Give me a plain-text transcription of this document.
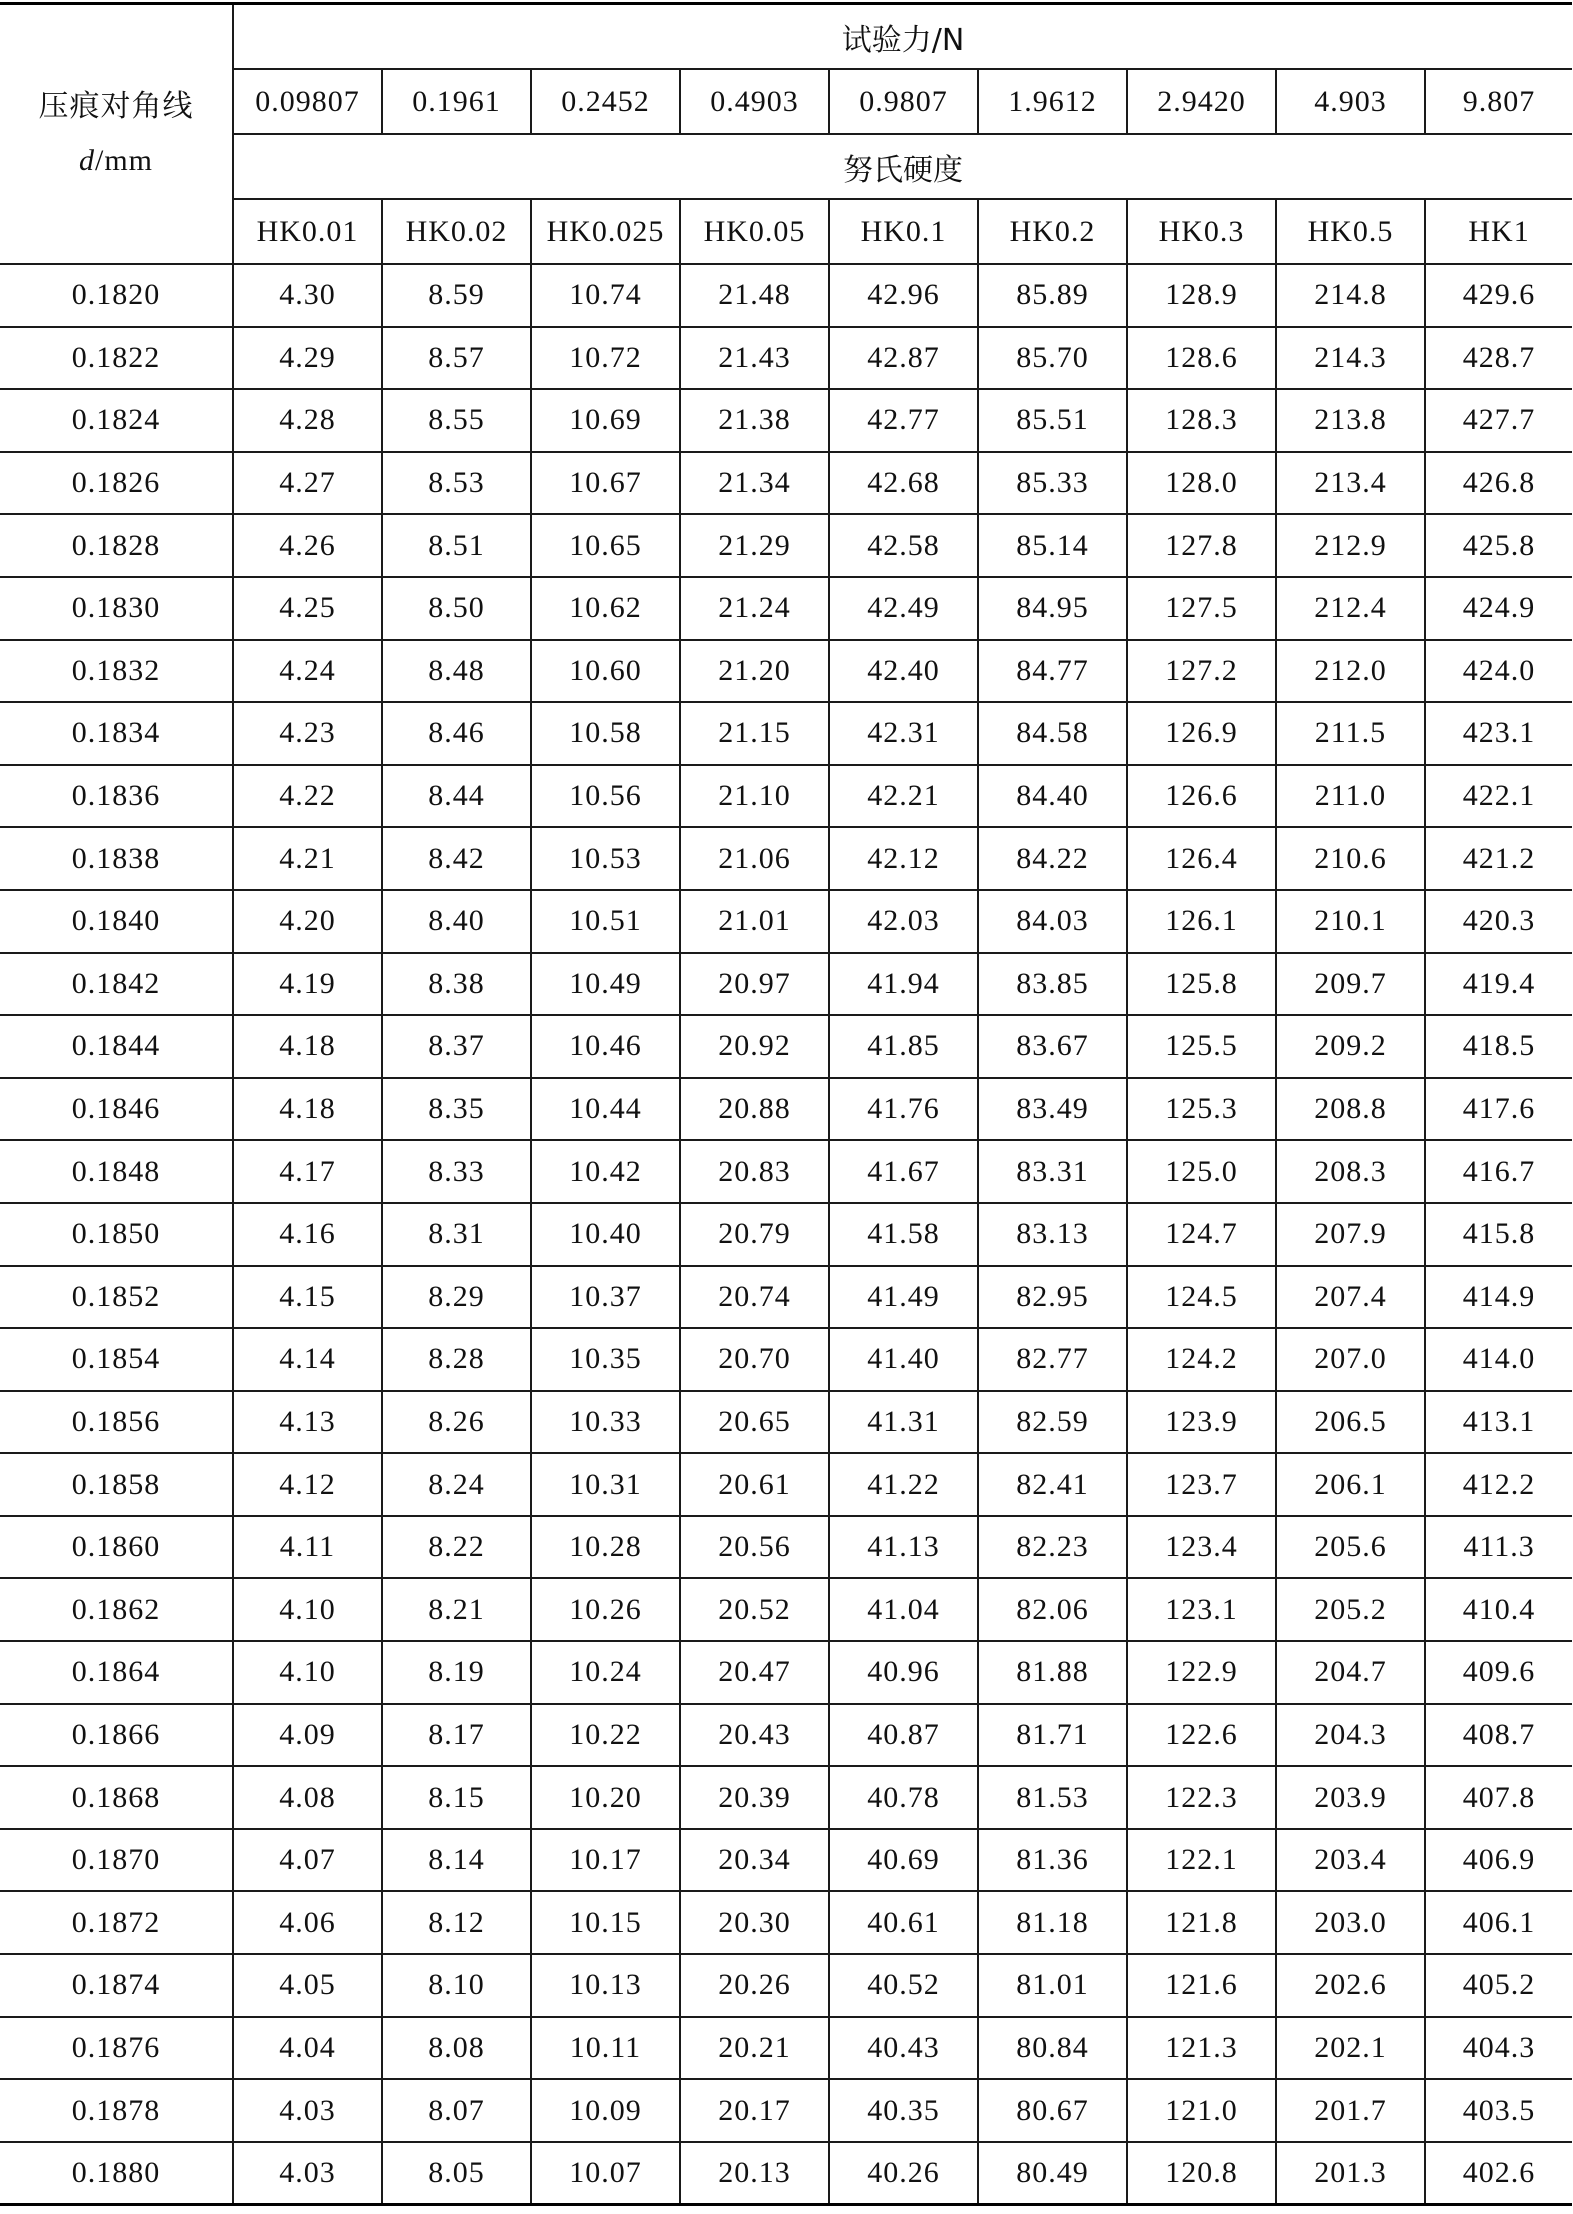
压痕对角线
d/mm	试验力/N								
	0.09807	0.1961	0.2452	0.4903	0.9807	1.9612	2.9420	4.903	9.807
	努氏硬度								
	HK0.01	HK0.02	HK0.025	HK0.05	HK0.1	HK0.2	HK0.3	HK0.5	HK1
0.1820	4.30	8.59	10.74	21.48	42.96	85.89	128.9	214.8	429.6
0.1822	4.29	8.57	10.72	21.43	42.87	85.70	128.6	214.3	428.7
0.1824	4.28	8.55	10.69	21.38	42.77	85.51	128.3	213.8	427.7
0.1826	4.27	8.53	10.67	21.34	42.68	85.33	128.0	213.4	426.8
0.1828	4.26	8.51	10.65	21.29	42.58	85.14	127.8	212.9	425.8
0.1830	4.25	8.50	10.62	21.24	42.49	84.95	127.5	212.4	424.9
0.1832	4.24	8.48	10.60	21.20	42.40	84.77	127.2	212.0	424.0
0.1834	4.23	8.46	10.58	21.15	42.31	84.58	126.9	211.5	423.1
0.1836	4.22	8.44	10.56	21.10	42.21	84.40	126.6	211.0	422.1
0.1838	4.21	8.42	10.53	21.06	42.12	84.22	126.4	210.6	421.2
0.1840	4.20	8.40	10.51	21.01	42.03	84.03	126.1	210.1	420.3
0.1842	4.19	8.38	10.49	20.97	41.94	83.85	125.8	209.7	419.4
0.1844	4.18	8.37	10.46	20.92	41.85	83.67	125.5	209.2	418.5
0.1846	4.18	8.35	10.44	20.88	41.76	83.49	125.3	208.8	417.6
0.1848	4.17	8.33	10.42	20.83	41.67	83.31	125.0	208.3	416.7
0.1850	4.16	8.31	10.40	20.79	41.58	83.13	124.7	207.9	415.8
0.1852	4.15	8.29	10.37	20.74	41.49	82.95	124.5	207.4	414.9
0.1854	4.14	8.28	10.35	20.70	41.40	82.77	124.2	207.0	414.0
0.1856	4.13	8.26	10.33	20.65	41.31	82.59	123.9	206.5	413.1
0.1858	4.12	8.24	10.31	20.61	41.22	82.41	123.7	206.1	412.2
0.1860	4.11	8.22	10.28	20.56	41.13	82.23	123.4	205.6	411.3
0.1862	4.10	8.21	10.26	20.52	41.04	82.06	123.1	205.2	410.4
0.1864	4.10	8.19	10.24	20.47	40.96	81.88	122.9	204.7	409.6
0.1866	4.09	8.17	10.22	20.43	40.87	81.71	122.6	204.3	408.7
0.1868	4.08	8.15	10.20	20.39	40.78	81.53	122.3	203.9	407.8
0.1870	4.07	8.14	10.17	20.34	40.69	81.36	122.1	203.4	406.9
0.1872	4.06	8.12	10.15	20.30	40.61	81.18	121.8	203.0	406.1
0.1874	4.05	8.10	10.13	20.26	40.52	81.01	121.6	202.6	405.2
0.1876	4.04	8.08	10.11	20.21	40.43	80.84	121.3	202.1	404.3
0.1878	4.03	8.07	10.09	20.17	40.35	80.67	121.0	201.7	403.5
0.1880	4.03	8.05	10.07	20.13	40.26	80.49	120.8	201.3	402.6
